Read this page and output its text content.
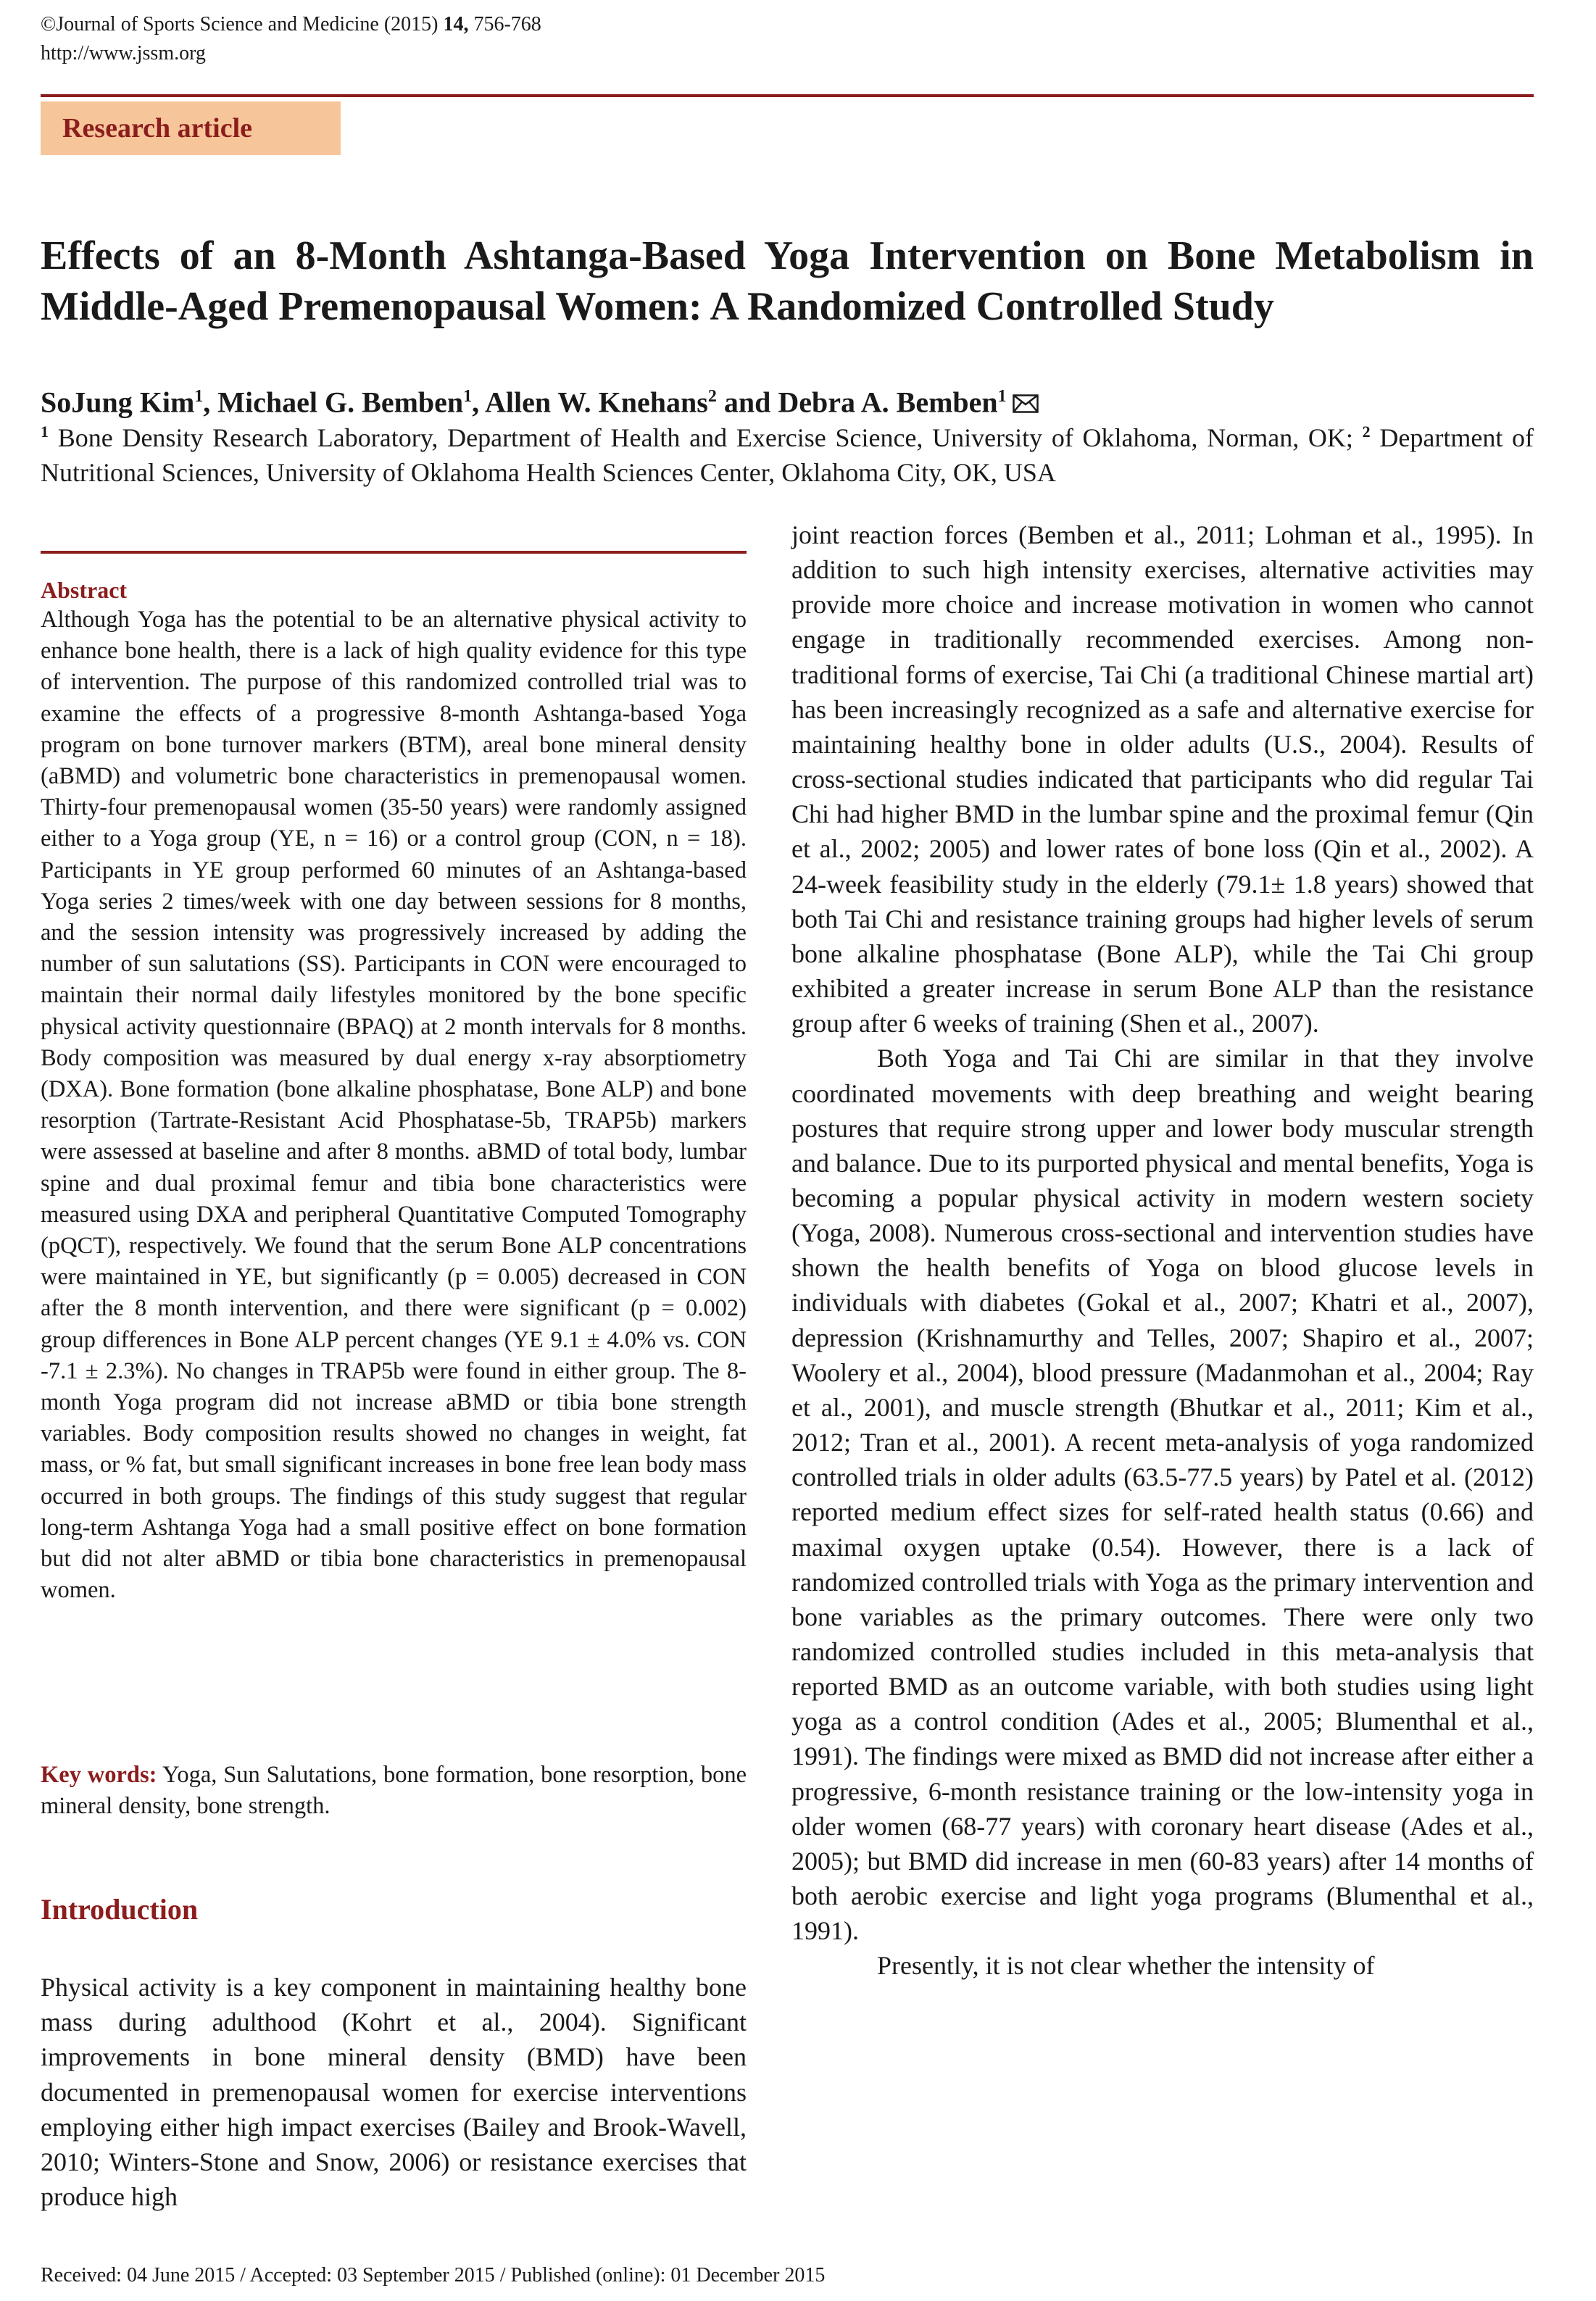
©Journal of Sports Science and Medicine (2015) 14, 756-768
http://www.jssm.org
Research article
Effects of an 8-Month Ashtanga-Based Yoga Intervention on Bone Metabolism in Middle-Aged Premenopausal Women: A Randomized Controlled Study
SoJung Kim$^1$, Michael G. Bemben$^1$, Allen W. Knehans$^2$ and Debra A. Bemben$^1$
$^1$ Bone Density Research Laboratory, Department of Health and Exercise Science, University of Oklahoma, Norman, OK; $^2$ Department of Nutritional Sciences, University of Oklahoma Health Sciences Center, Oklahoma City, OK, USA
Abstract
Although Yoga has the potential to be an alternative physical activity to enhance bone health, there is a lack of high quality evidence for this type of intervention. The purpose of this randomized controlled trial was to examine the effects of a progressive 8-month Ashtanga-based Yoga program on bone turnover markers (BTM), areal bone mineral density (aBMD) and volumetric bone characteristics in premenopausal women. Thirty-four premenopausal women (35-50 years) were randomly assigned either to a Yoga group (YE, n = 16) or a control group (CON, n = 18). Participants in YE group performed 60 minutes of an Ashtanga-based Yoga series 2 times/week with one day between sessions for 8 months, and the session intensity was progressively increased by adding the number of sun salutations (SS). Participants in CON were encouraged to maintain their normal daily lifestyles monitored by the bone specific physical activity questionnaire (BPAQ) at 2 month intervals for 8 months. Body composition was measured by dual energy x-ray absorptiometry (DXA). Bone formation (bone alkaline phosphatase, Bone ALP) and bone resorption (Tartrate-Resistant Acid Phosphatase-5b, TRAP5b) markers were assessed at baseline and after 8 months. aBMD of total body, lumbar spine and dual proximal femur and tibia bone characteristics were measured using DXA and peripheral Quantitative Computed Tomography (pQCT), respectively. We found that the serum Bone ALP concentrations were maintained in YE, but significantly (p = 0.005) decreased in CON after the 8 month intervention, and there were significant (p = 0.002) group differences in Bone ALP percent changes (YE 9.1 ± 4.0% vs. CON -7.1 ± 2.3%). No changes in TRAP5b were found in either group. The 8-month Yoga program did not increase aBMD or tibia bone strength variables. Body composition results showed no changes in weight, fat mass, or % fat, but small significant increases in bone free lean body mass occurred in both groups. The findings of this study suggest that regular long-term Ashtanga Yoga had a small positive effect on bone formation but did not alter aBMD or tibia bone characteristics in premenopausal women.
Key words: Yoga, Sun Salutations, bone formation, bone resorption, bone mineral density, bone strength.
Introduction
Physical activity is a key component in maintaining healthy bone mass during adulthood (Kohrt et al., 2004). Significant improvements in bone mineral density (BMD) have been documented in premenopausal women for exercise interventions employing either high impact exercises (Bailey and Brook-Wavell, 2010; Winters-Stone and Snow, 2006) or resistance exercises that produce high

joint reaction forces (Bemben et al., 2011; Lohman et al., 1995). In addition to such high intensity exercises, alternative activities may provide more choice and increase motivation in women who cannot engage in traditionally recommended exercises. Among non-traditional forms of exercise, Tai Chi (a traditional Chinese martial art) has been increasingly recognized as a safe and alternative exercise for maintaining healthy bone in older adults (U.S., 2004). Results of cross-sectional studies indicated that participants who did regular Tai Chi had higher BMD in the lumbar spine and the proximal femur (Qin et al., 2002; 2005) and lower rates of bone loss (Qin et al., 2002). A 24-week feasibility study in the elderly (79.1± 1.8 years) showed that both Tai Chi and resistance training groups had higher levels of serum bone alkaline phosphatase (Bone ALP), while the Tai Chi group exhibited a greater increase in serum Bone ALP than the resistance group after 6 weeks of training (Shen et al., 2007).

Both Yoga and Tai Chi are similar in that they involve coordinated movements with deep breathing and weight bearing postures that require strong upper and lower body muscular strength and balance. Due to its purported physical and mental benefits, Yoga is becoming a popular physical activity in modern western society (Yoga, 2008). Numerous cross-sectional and intervention studies have shown the health benefits of Yoga on blood glucose levels in individuals with diabetes (Gokal et al., 2007; Khatri et al., 2007), depression (Krishnamurthy and Telles, 2007; Shapiro et al., 2007; Woolery et al., 2004), blood pressure (Madanmohan et al., 2004; Ray et al., 2001), and muscle strength (Bhutkar et al., 2011; Kim et al., 2012; Tran et al., 2001). A recent meta-analysis of yoga randomized controlled trials in older adults (63.5-77.5 years) by Patel et al. (2012) reported medium effect sizes for self-rated health status (0.66) and maximal oxygen uptake (0.54). However, there is a lack of randomized controlled trials with Yoga as the primary intervention and bone variables as the primary outcomes. There were only two randomized controlled studies included in this meta-analysis that reported BMD as an outcome variable, with both studies using light yoga as a control condition (Ades et al., 2005; Blumenthal et al., 1991). The findings were mixed as BMD did not increase after either a progressive, 6-month resistance training or the low-intensity yoga in older women (68-77 years) with coronary heart disease (Ades et al., 2005); but BMD did increase in men (60-83 years) after 14 months of both aerobic exercise and light yoga programs (Blumenthal et al., 1991).

Presently, it is not clear whether the intensity of

Received: 04 June 2015 / Accepted: 03 September 2015 / Published (online): 01 December 2015
